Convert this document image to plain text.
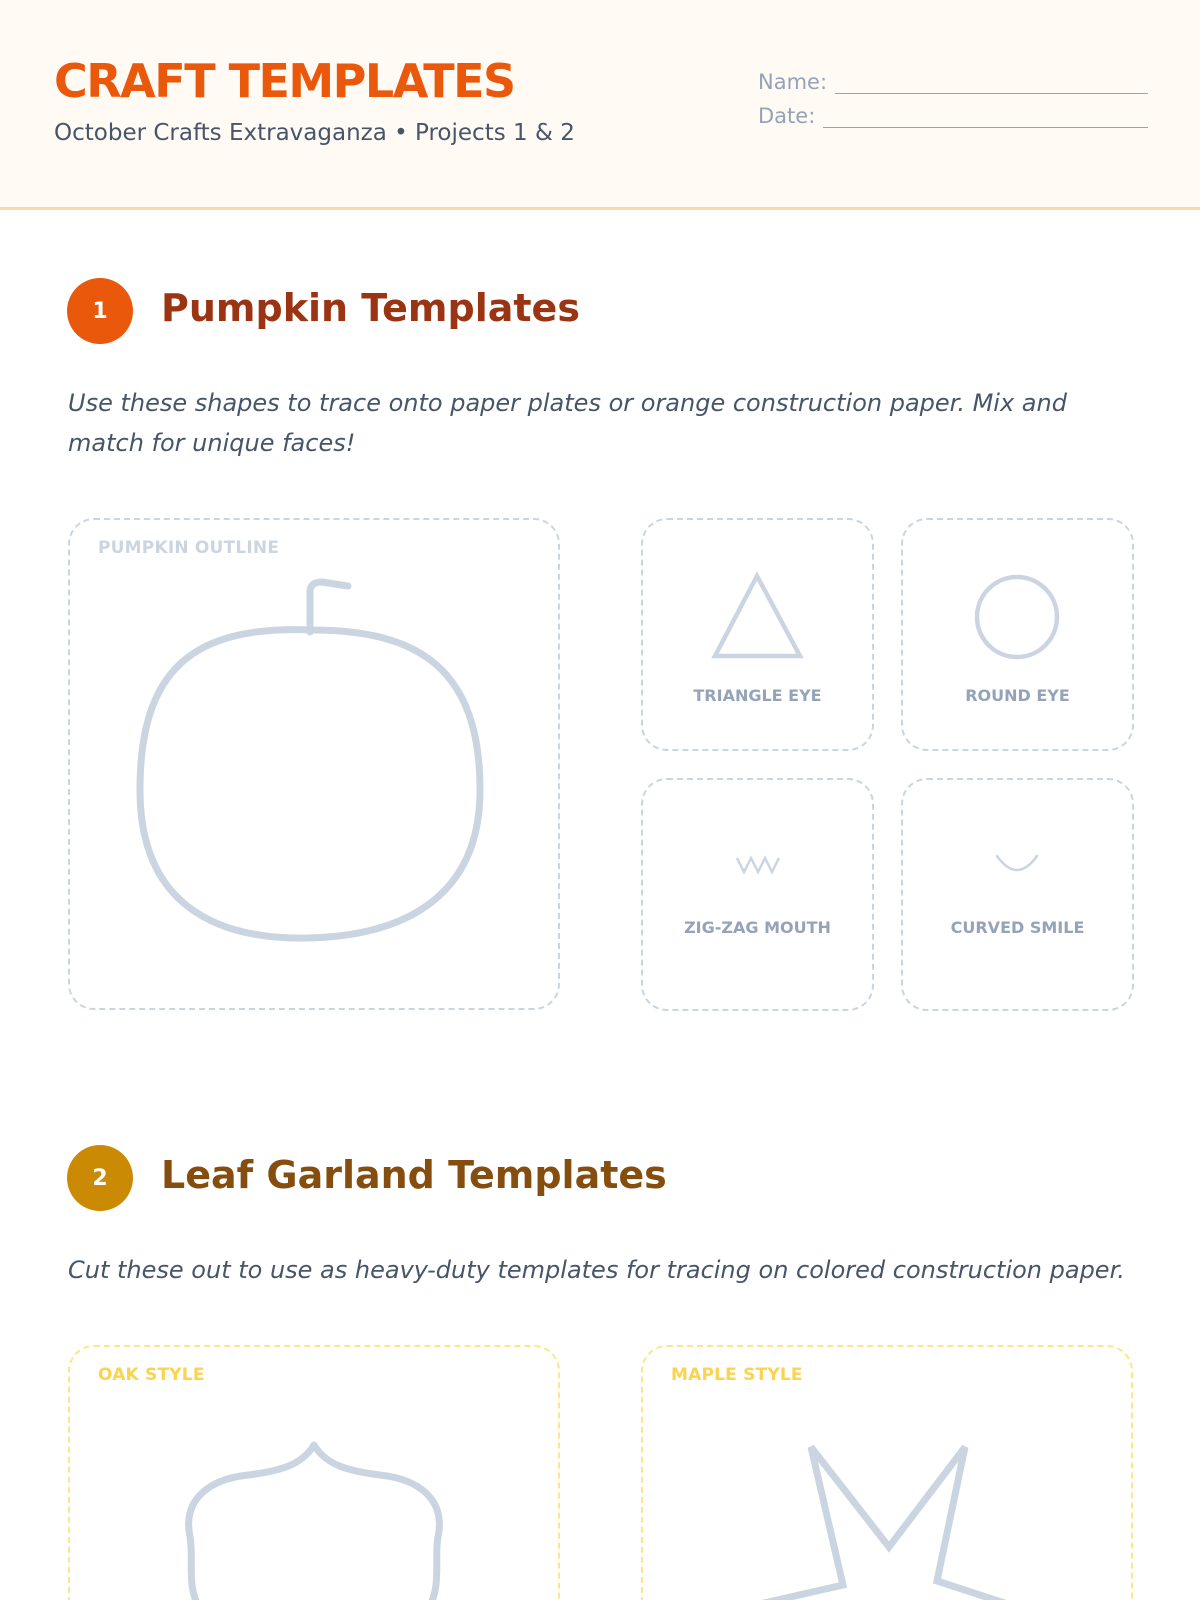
CRAFT TEMPLATES
October Crafts Extravaganza • Projects 1 & 2
Name:
Date:
1	Pumpkin Templates
Use these shapes to trace onto paper plates or orange construction paper. Mix and match for unique faces!
PUMPKIN OUTLINE
TRIANGLE EYE	ROUND EYE
ZIG-ZAG MOUTH	CURVED SMILE
2	Leaf Garland Templates
Cut these out to use as heavy-duty templates for tracing on colored construction paper.
OAK STYLE	MAPLE STYLE
